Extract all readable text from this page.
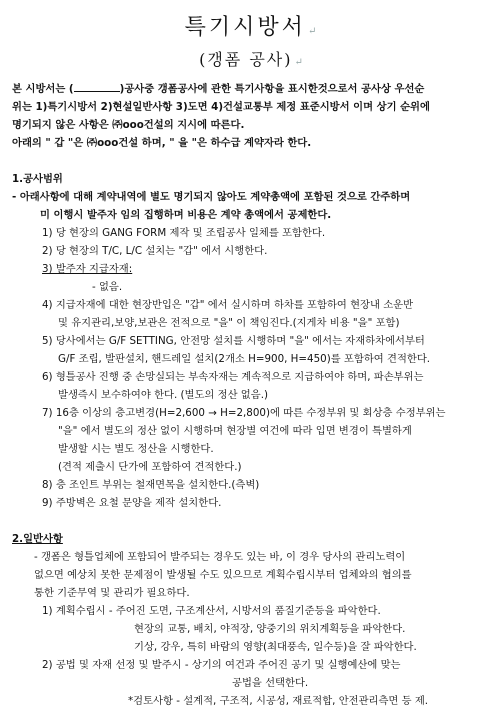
특기시방서 ↵
(갱폼 공사) ↵
본 시방서는 (	)공사중 갱폼공사에 관한 특기사항을 표시한것으로서 공사상 우선순
위는 1)특기시방서 2)현설일반사항 3)도면 4)건설교통부 제정 표준시방서 이며 상기 순위에
명기되지 않은 사항은 ㈜ooo건설의 지시에 따른다.
아래의 " 갑 "은 ㈜ooo건설 하며, " 을 "은 하수급 계약자라 한다.
1.공사범위
- 아래사항에 대해 계약내역에 별도 명기되지 않아도 계약총액에 포함된 것으로 간주하며
미 이행시 발주자 임의 집행하며 비용은 계약 총액에서 공제한다.
1) 당 현장의 GANG FORM 제작 및 조립공사 일체를 포함한다.
2) 당 현장의 T/C, L/C 설치는 "갑" 에서 시행한다.
3) 발주자 지급자재:
- 없음.
4) 지급자재에 대한 현장반입은 "갑" 에서 실시하며 하차를 포함하여 현장내 소운반
및 유지관리,보양,보관은 전적으로 "을" 이 책임진다.(지게차 비용 "을" 포함)
5) 당사에서는 G/F SETTING, 안전망 설치를 시행하며 "을" 에서는 자재하차에서부터
G/F 조립, 발판설치, 핸드레일 설치(2개소 H=900, H=450)를 포함하여 견적한다.
6) 형틀공사 진행 중 손망실되는 부속자재는 계속적으로 지급하여야 하며, 파손부위는
발생즉시 보수하여야 한다. (별도의 정산 없음.)
7) 16층 이상의 층고변경(H=2,600 → H=2,800)에 따른 수정부위 및 회상층 수정부위는
"을" 에서 별도의 정산 없이 시행하며 현장별 여건에 따라 입면 변경이 특별하게
발생할 시는 별도 정산을 시행한다.
(견적 제출시 단가에 포함하여 견적한다.)
8) 층 조인트 부위는 철재면목을 설치한다.(측벽)
9) 주방벽은 요철 문양을 제작 설치한다.
2.일반사항
- 갱폼은 형틀업체에 포함되어 발주되는 경우도 있는 바, 이 경우 당사의 관리노력이
없으면 예상치 못한 문제점이 발생될 수도 있으므로 계획수립시부터 업체와의 협의를
통한 기준무역 및 관리가 필요하다.
1) 계획수립시 - 주어진 도면, 구조계산서, 시방서의 품질기준등을 파악한다.
현장의 교통, 배치, 야적장, 양중기의 위치계획등을 파악한다.
기상, 강우, 특히 바람의 영향(최대풍속, 일수등)을 잘 파악한다.
2) 공법 및 자재 선정 및 발주시 - 상기의 여건과 주어진 공기 및 실행예산에 맞는
공법을 선택한다.
*검토사항 - 설계적, 구조적, 시공성, 재료적합, 안전관리측면 등 제.
